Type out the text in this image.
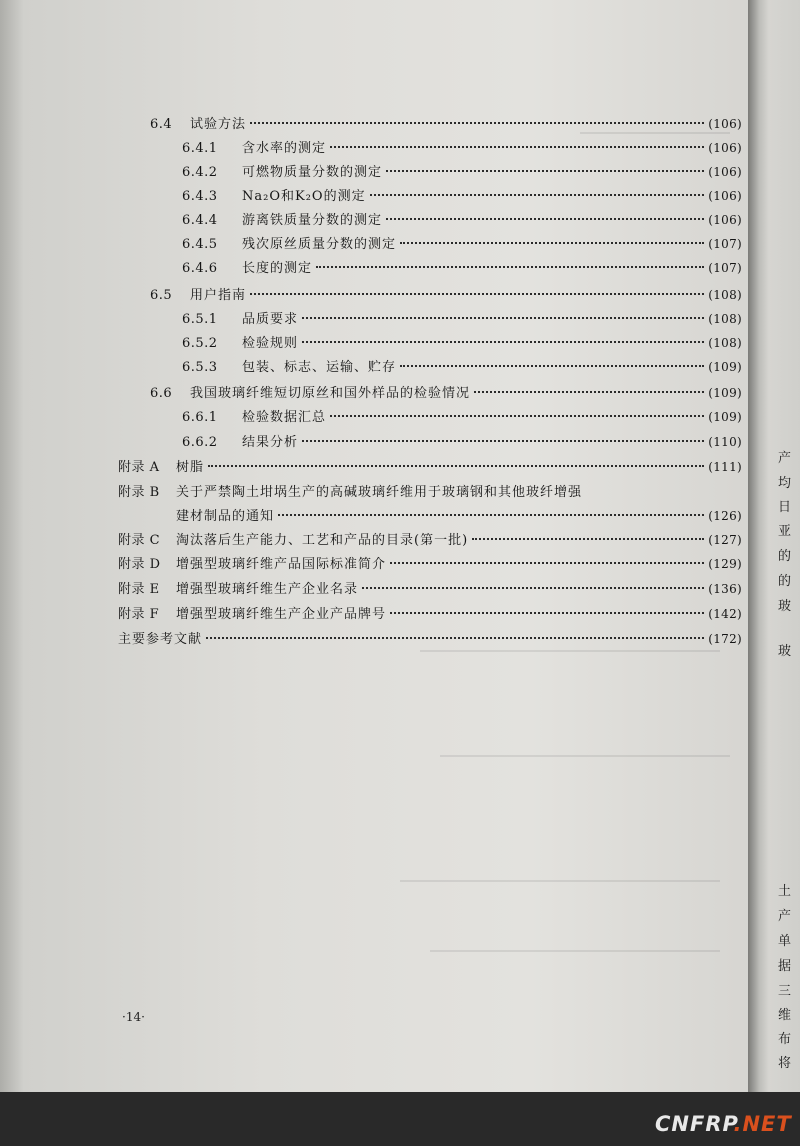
6.4	试验方法	(106)
6.4.1	含水率的测定	(106)
6.4.2	可燃物质量分数的测定	(106)
6.4.3	Na₂O和K₂O的测定	(106)
6.4.4	游离铁质量分数的测定	(106)
6.4.5	残次原丝质量分数的测定	(107)
6.4.6	长度的测定	(107)
6.5	用户指南	(108)
6.5.1	品质要求	(108)
6.5.2	检验规则	(108)
6.5.3	包装、标志、运输、贮存	(109)
6.6	我国玻璃纤维短切原丝和国外样品的检验情况	(109)
6.6.1	检验数据汇总	(109)
6.6.2	结果分析	(110)
附录 A	树脂	(111)
附录 B	关于严禁陶土坩埚生产的高碱玻璃纤维用于玻璃钢和其他玻纤增强
建材制品的通知	(126)
附录 C	淘汰落后生产能力、工艺和产品的目录(第一批)	(127)
附录 D	增强型玻璃纤维产品国际标准简介	(129)
附录 E	增强型玻璃纤维生产企业名录	(136)
附录 F	增强型玻璃纤维生产企业产品牌号	(142)
主要参考文献	(172)
·14·
产
均
日
亚
的
的
玻
玻
土
产
单
据
三
维
布
将
CNFRP.NET
